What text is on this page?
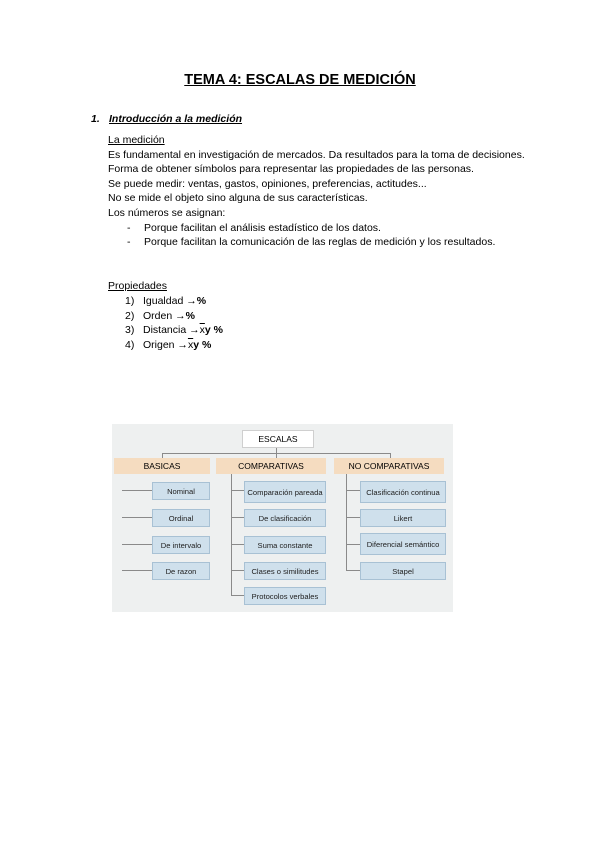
TEMA 4: ESCALAS DE MEDICIÓN
1. Introducción a la medición
La medición
Es fundamental en investigación de mercados. Da resultados para la toma de decisiones.
Forma de obtener símbolos para representar las propiedades de las personas.
Se puede medir: ventas, gastos, opiniones, preferencias, actitudes...
No se mide el objeto sino alguna de sus características.
Los números se asignan:
- Porque facilitan el análisis estadístico de los datos.
- Porque facilitan la comunicación de las reglas de medición y los resultados.
Propiedades
1) Igualdad → %
2) Orden → %
3) Distancia → $\overline{x}$ y %
4) Origen → $\overline{x}$ y %
ESCALAS
BASICAS	COMPARATIVAS	NO COMPARATIVAS
Nominal
Ordinal
De intervalo
De razon
Comparación pareada
De clasificación
Suma constante
Clases o similitudes
Protocolos verbales
Clasificación continua
Likert
Diferencial semántico
Stapel
